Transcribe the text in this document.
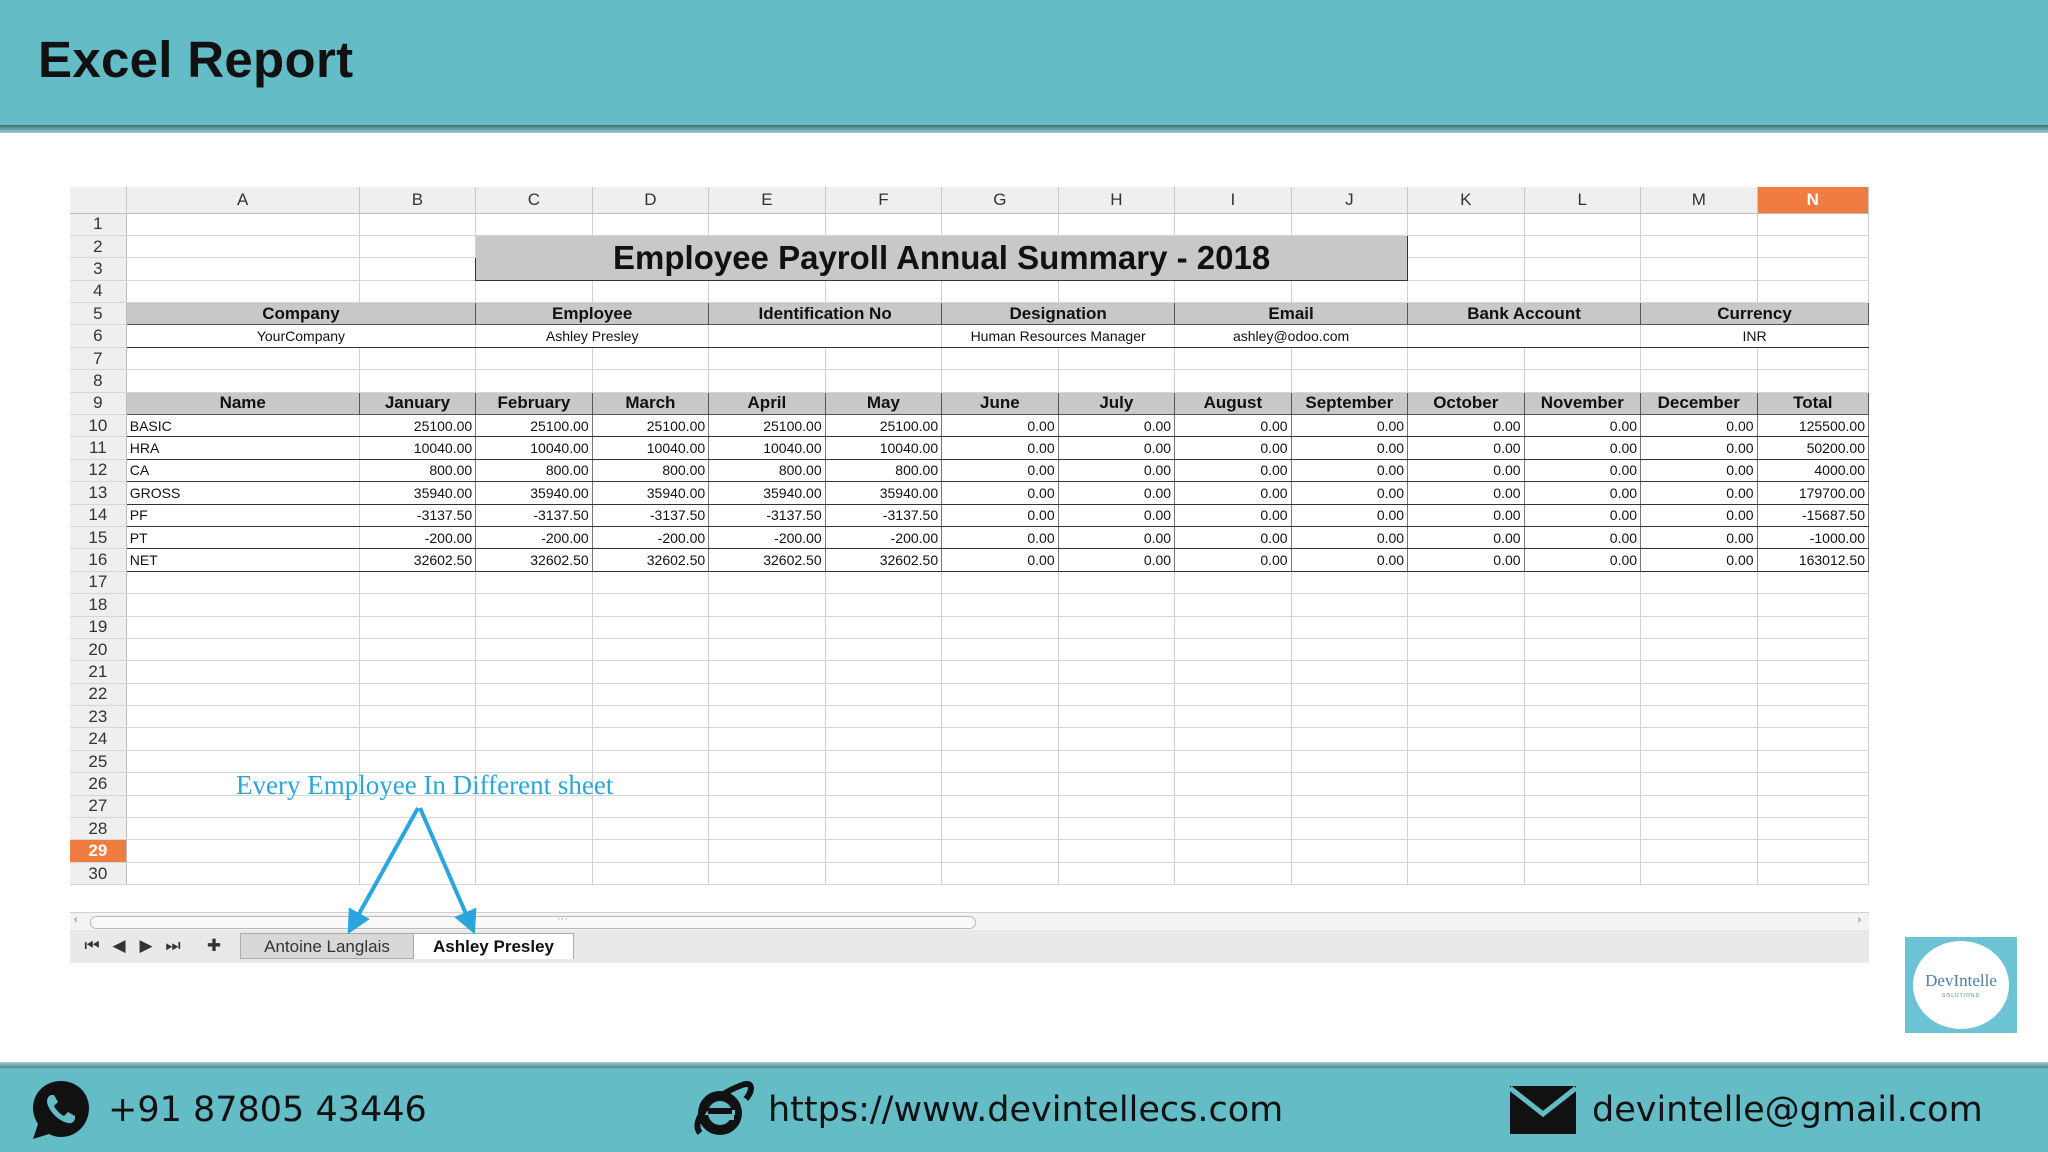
Excel Report
	A	B	C	D	E	F	G	H	I	J	K	L	M	N
1														
2			Employee Payroll Annual Summary - 2018											
3														
4														
5	Company		Employee		Identification No		Designation		Email		Bank Account		Currency	
6	YourCompany		Ashley Presley				Human Resources Manager		ashley@odoo.com				INR	
7														
8														
9	Name	January	February	March	April	May	June	July	August	September	October	November	December	Total
10	BASIC	25100.00	25100.00	25100.00	25100.00	25100.00	0.00	0.00	0.00	0.00	0.00	0.00	0.00	125500.00
11	HRA	10040.00	10040.00	10040.00	10040.00	10040.00	0.00	0.00	0.00	0.00	0.00	0.00	0.00	50200.00
12	CA	800.00	800.00	800.00	800.00	800.00	0.00	0.00	0.00	0.00	0.00	0.00	0.00	4000.00
13	GROSS	35940.00	35940.00	35940.00	35940.00	35940.00	0.00	0.00	0.00	0.00	0.00	0.00	0.00	179700.00
14	PF	-3137.50	-3137.50	-3137.50	-3137.50	-3137.50	0.00	0.00	0.00	0.00	0.00	0.00	0.00	-15687.50
15	PT	-200.00	-200.00	-200.00	-200.00	-200.00	0.00	0.00	0.00	0.00	0.00	0.00	0.00	-1000.00
16	NET	32602.50	32602.50	32602.50	32602.50	32602.50	0.00	0.00	0.00	0.00	0.00	0.00	0.00	163012.50
17														
18														
19														
20														
21														
22														
23														
24														
25														
26														
27														
28														
29														
30														
‹	···	›
⏮ ◀ ▶ ⏭ ✚	Antoine Langlais	Ashley Presley
Every Employee In Different sheet
DevIntelle
SOLUTIONS
+91 87805 43446	https://www.devintellecs.com	devintelle@gmail.com
